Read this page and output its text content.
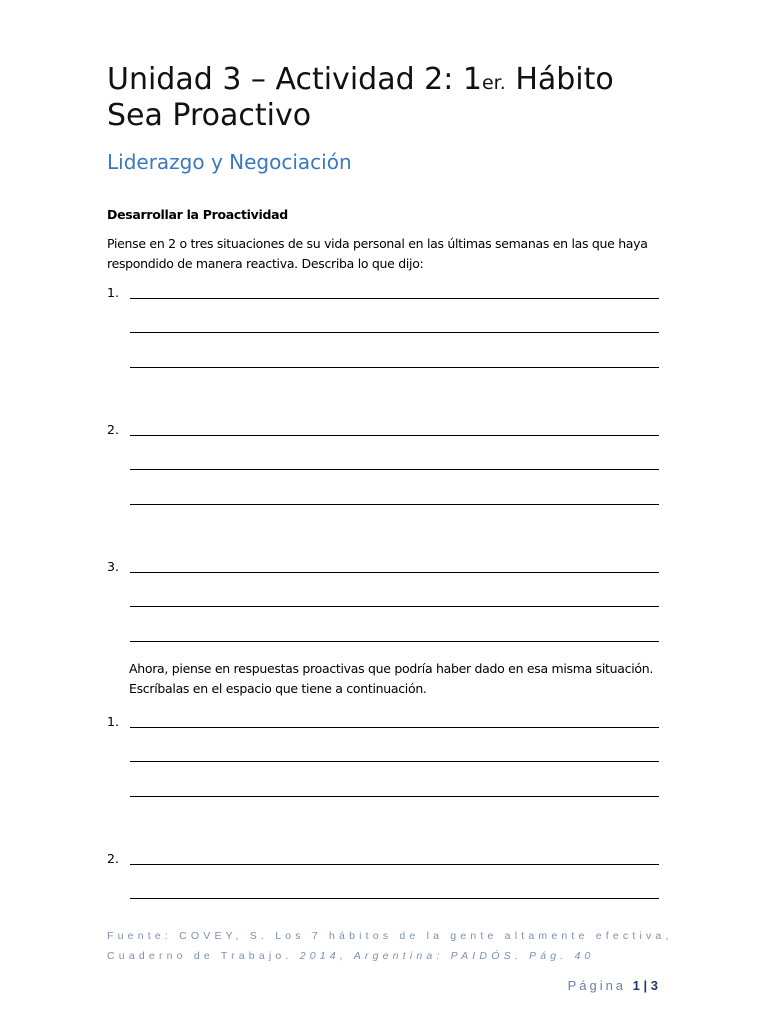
Unidad 3 – Actividad 2: 1er. Hábito
Sea Proactivo
Liderazgo y Negociación
Desarrollar la Proactividad
Piense en 2 o tres situaciones de su vida personal en las últimas semanas en las que haya
respondido de manera reactiva. Describa lo que dijo:
1.
2.
3.
Ahora, piense en respuestas proactivas que podría haber dado en esa misma situación.
Escríbalas en el espacio que tiene a continuación.
1.
2.
Fuente: COVEY, S. Los 7 hábitos de la gente altamente efectiva,
Cuaderno de Trabajo. 2014, Argentina: PAIDÓS. Pág. 40
Página 1 | 3
